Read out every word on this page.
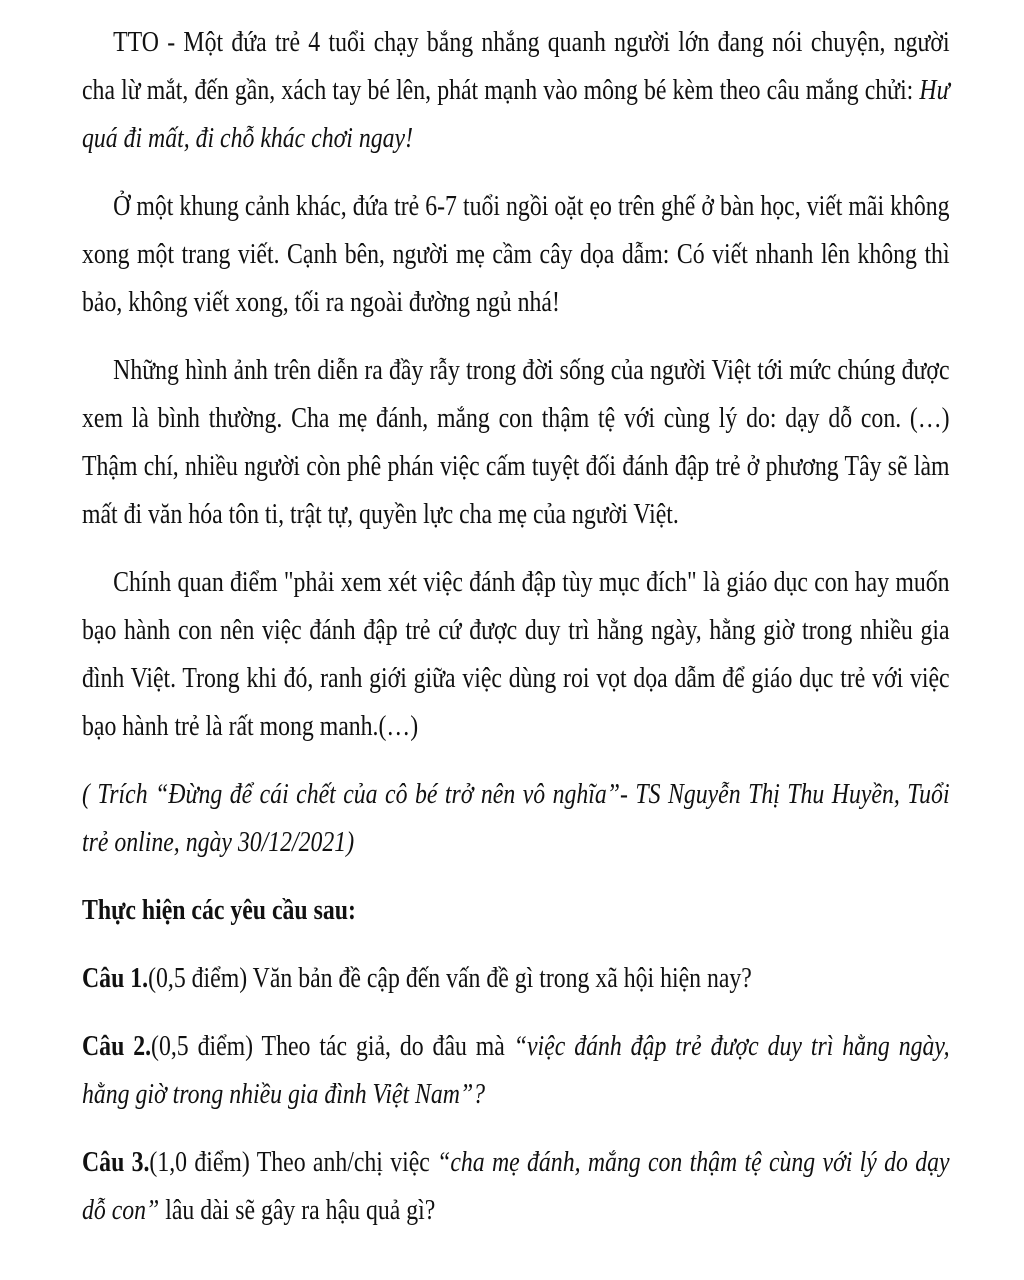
TTO - Một đứa trẻ 4 tuổi chạy bắng nhắng quanh người lớn đang nói chuyện, người cha lừ mắt, đến gần, xách tay bé lên, phát mạnh vào mông bé kèm theo câu mắng chửi: Hư quá đi mất, đi chỗ khác chơi ngay!

Ở một khung cảnh khác, đứa trẻ 6-7 tuổi ngồi oặt ẹo trên ghế ở bàn học, viết mãi không xong một trang viết. Cạnh bên, người mẹ cầm cây dọa dẫm: Có viết nhanh lên không thì bảo, không viết xong, tối ra ngoài đường ngủ nhá!

Những hình ảnh trên diễn ra đầy rẫy trong đời sống của người Việt tới mức chúng được xem là bình thường. Cha mẹ đánh, mắng con thậm tệ với cùng lý do: dạy dỗ con. (…) Thậm chí, nhiều người còn phê phán việc cấm tuyệt đối đánh đập trẻ ở phương Tây sẽ làm mất đi văn hóa tôn ti, trật tự, quyền lực cha mẹ của người Việt.

Chính quan điểm "phải xem xét việc đánh đập tùy mục đích" là giáo dục con hay muốn bạo hành con nên việc đánh đập trẻ cứ được duy trì hằng ngày, hằng giờ trong nhiều gia đình Việt. Trong khi đó, ranh giới giữa việc dùng roi vọt dọa dẫm để giáo dục trẻ với việc bạo hành trẻ là rất mong manh.(…)

( Trích “Đừng để cái chết của cô bé trở nên vô nghĩa”- TS Nguyễn Thị Thu Huyền, Tuổi trẻ online, ngày 30/12/2021)

Thực hiện các yêu cầu sau:

Câu 1.(0,5 điểm) Văn bản đề cập đến vấn đề gì trong xã hội hiện nay?

Câu 2.(0,5 điểm) Theo tác giả, do đâu mà “việc đánh đập trẻ được duy trì hằng ngày, hằng giờ trong nhiều gia đình Việt Nam”?

Câu 3.(1,0 điểm) Theo anh/chị việc “cha mẹ đánh, mắng con thậm tệ cùng với lý do dạy dỗ con” lâu dài sẽ gây ra hậu quả gì?
